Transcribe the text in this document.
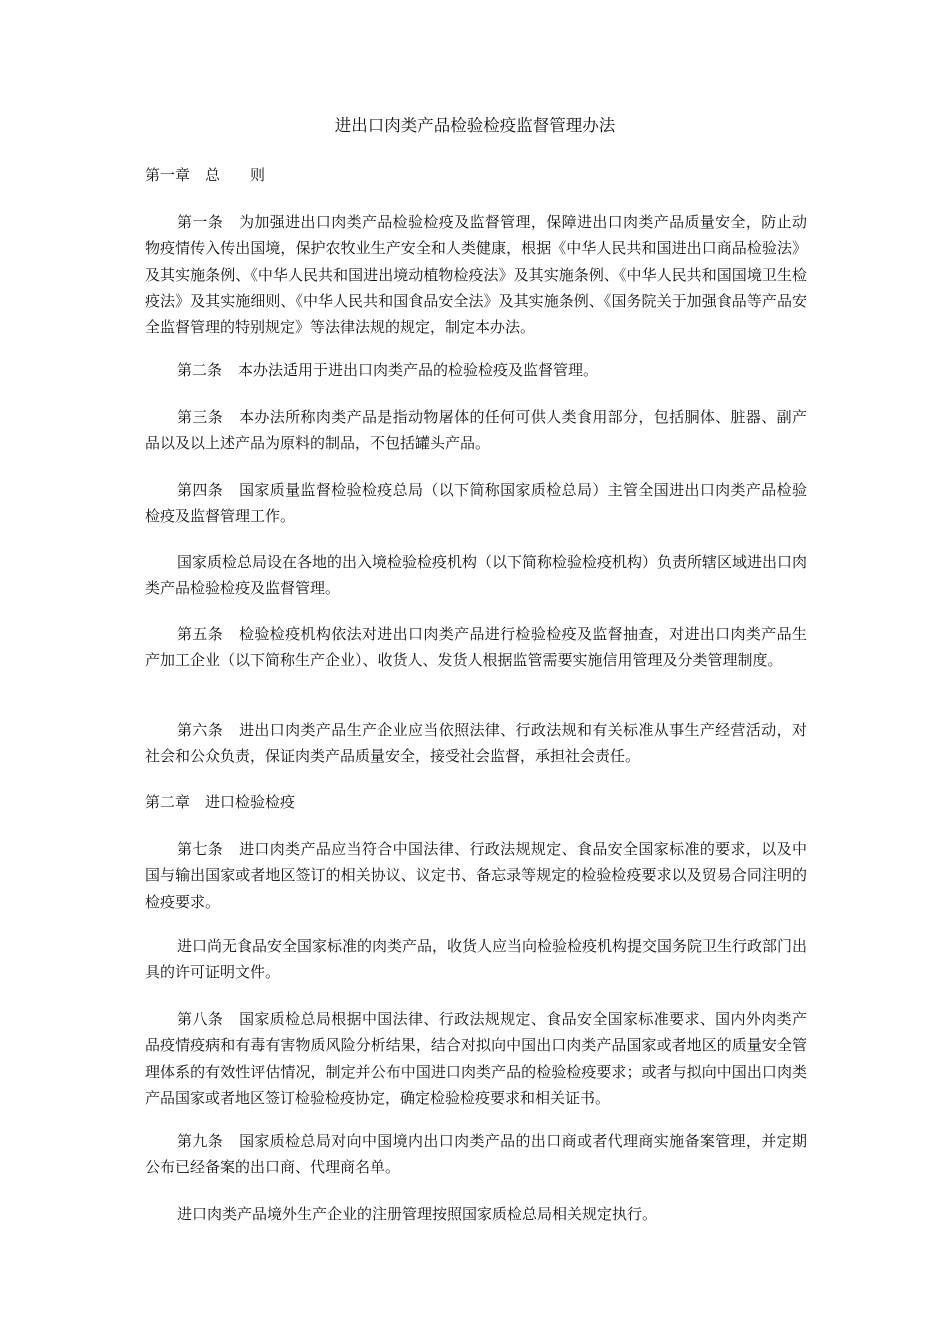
进出口肉类产品检验检疫监督管理办法

第一章　总　　则

第一条 为加强进出口肉类产品检验检疫及监督管理，保障进出口肉类产品质量安全，防止动物疫情传入传出国境，保护农牧业生产安全和人类健康，根据《中华人民共和国进出口商品检验法》及其实施条例、《中华人民共和国进出境动植物检疫法》及其实施条例、《中华人民共和国国境卫生检疫法》及其实施细则、《中华人民共和国食品安全法》及其实施条例、《国务院关于加强食品等产品安全监督管理的特别规定》等法律法规的规定，制定本办法。

第二条 本办法适用于进出口肉类产品的检验检疫及监督管理。

第三条 本办法所称肉类产品是指动物屠体的任何可供人类食用部分，包括胴体、脏器、副产品以及以上述产品为原料的制品，不包括罐头产品。

第四条 国家质量监督检验检疫总局（以下简称国家质检总局）主管全国进出口肉类产品检验检疫及监督管理工作。

国家质检总局设在各地的出入境检验检疫机构（以下简称检验检疫机构）负责所辖区域进出口肉类产品检验检疫及监督管理。

第五条 检验检疫机构依法对进出口肉类产品进行检验检疫及监督抽查，对进出口肉类产品生产加工企业（以下简称生产企业）、收货人、发货人根据监管需要实施信用管理及分类管理制度。

第六条 进出口肉类产品生产企业应当依照法律、行政法规和有关标准从事生产经营活动，对社会和公众负责，保证肉类产品质量安全，接受社会监督，承担社会责任。

第二章　进口检验检疫

第七条 进口肉类产品应当符合中国法律、行政法规规定、食品安全国家标准的要求，以及中国与输出国家或者地区签订的相关协议、议定书、备忘录等规定的检验检疫要求以及贸易合同注明的检疫要求。

进口尚无食品安全国家标准的肉类产品，收货人应当向检验检疫机构提交国务院卫生行政部门出具的许可证明文件。

第八条 国家质检总局根据中国法律、行政法规规定、食品安全国家标准要求、国内外肉类产品疫情疫病和有毒有害物质风险分析结果，结合对拟向中国出口肉类产品国家或者地区的质量安全管理体系的有效性评估情况，制定并公布中国进口肉类产品的检验检疫要求；或者与拟向中国出口肉类产品国家或者地区签订检验检疫协定，确定检验检疫要求和相关证书。

第九条 国家质检总局对向中国境内出口肉类产品的出口商或者代理商实施备案管理，并定期公布已经备案的出口商、代理商名单。

进口肉类产品境外生产企业的注册管理按照国家质检总局相关规定执行。
